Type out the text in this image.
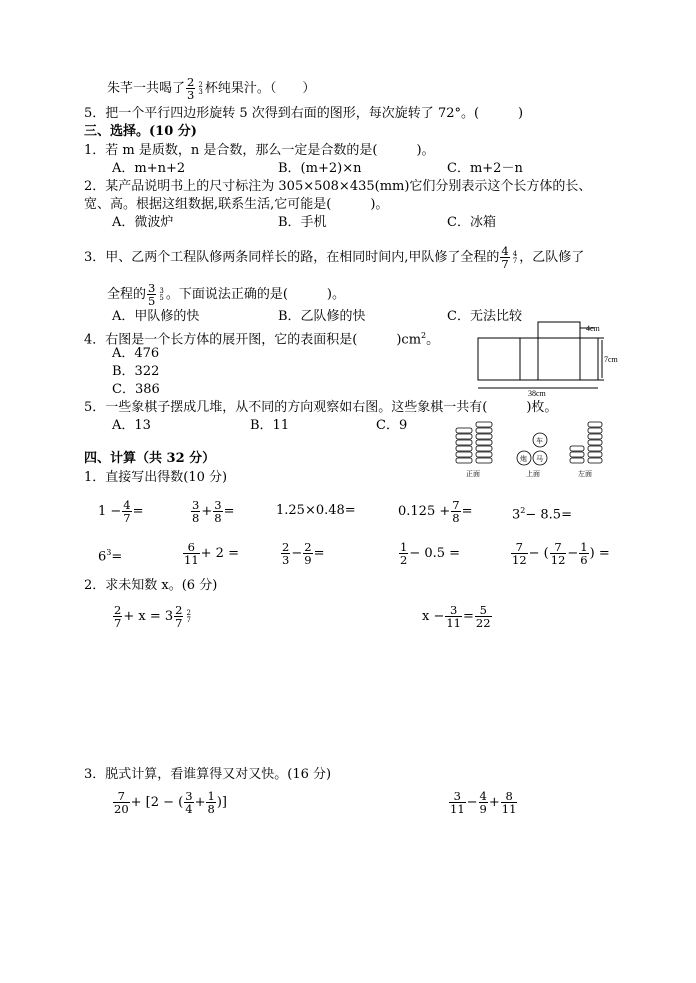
朱芊一共喝了 $\frac{2}{3} 2$
3 杯纯果汁。（　　）
5．把一个平行四边形旋转 5 次得到右面的图形，每次旋转了 72°。(　　　)
三、选择。(10 分)
1．若 m 是质数，n 是合数，那么一定是合数的是(　　　)。
A．m+n+2	B．(m+2)×n	C．m+2－n
2．某产品说明书上的尺寸标注为 305×508×435(mm)它们分别表示这个长方体的长、
宽、高。根据这组数据,联系生活,它可能是(　　　)。
A．微波炉	B．手机	C．冰箱
3．甲、乙两个工程队修两条同样长的路，在相同时间内,甲队修了全程的 $\frac{4}{7} 4$
7 ，乙队修了
全程的 $\frac{3}{5} 3$
5 。下面说法正确的是(　　　)。
A．甲队修的快	B．乙队修的快	C．无法比较
4．右图是一个长方体的展开图，它的表面积是(　　　)$cm^2$。
A．476
B．322
C．386
4cm
7cm
38cm
5．一些象棋子摆成几堆，从不同的方向观察如右图。这些象棋一共有(　　　)枚。
A．13	B．11	C．9
车
炮 马
正面	上面	左面
四、计算（共 32 分）
1．直接写出得数(10 分)
$1 - \frac{4}{7}$ =	$\frac{3}{8} + \frac{3}{8}$ =	1.25×0.48=	$0.125 + \frac{7}{8}$ =	$3^2- 8.5=$
$6^3=$	$\frac{6}{11} + 2$ =	$\frac{2}{3} - \frac{2}{9}$ =	$\frac{1}{2} - 0.5$ =	$\frac{7}{12}$ − ( $\frac{7}{12} - \frac{1}{6}$ ) =
2．求未知数 x。(6 分)
$\frac{2}{7} + x = 3 \frac{2}{7} 2$
7	$x - \frac{3}{11} = \frac{5}{22}$
3．脱式计算，看谁算得又对又快。(16 分)
$\frac{7}{20} + [2$ − ( $\frac{3}{4} + \frac{1}{8}$ )]	$\frac{3}{11} - \frac{4}{9} + \frac{8}{11}$
